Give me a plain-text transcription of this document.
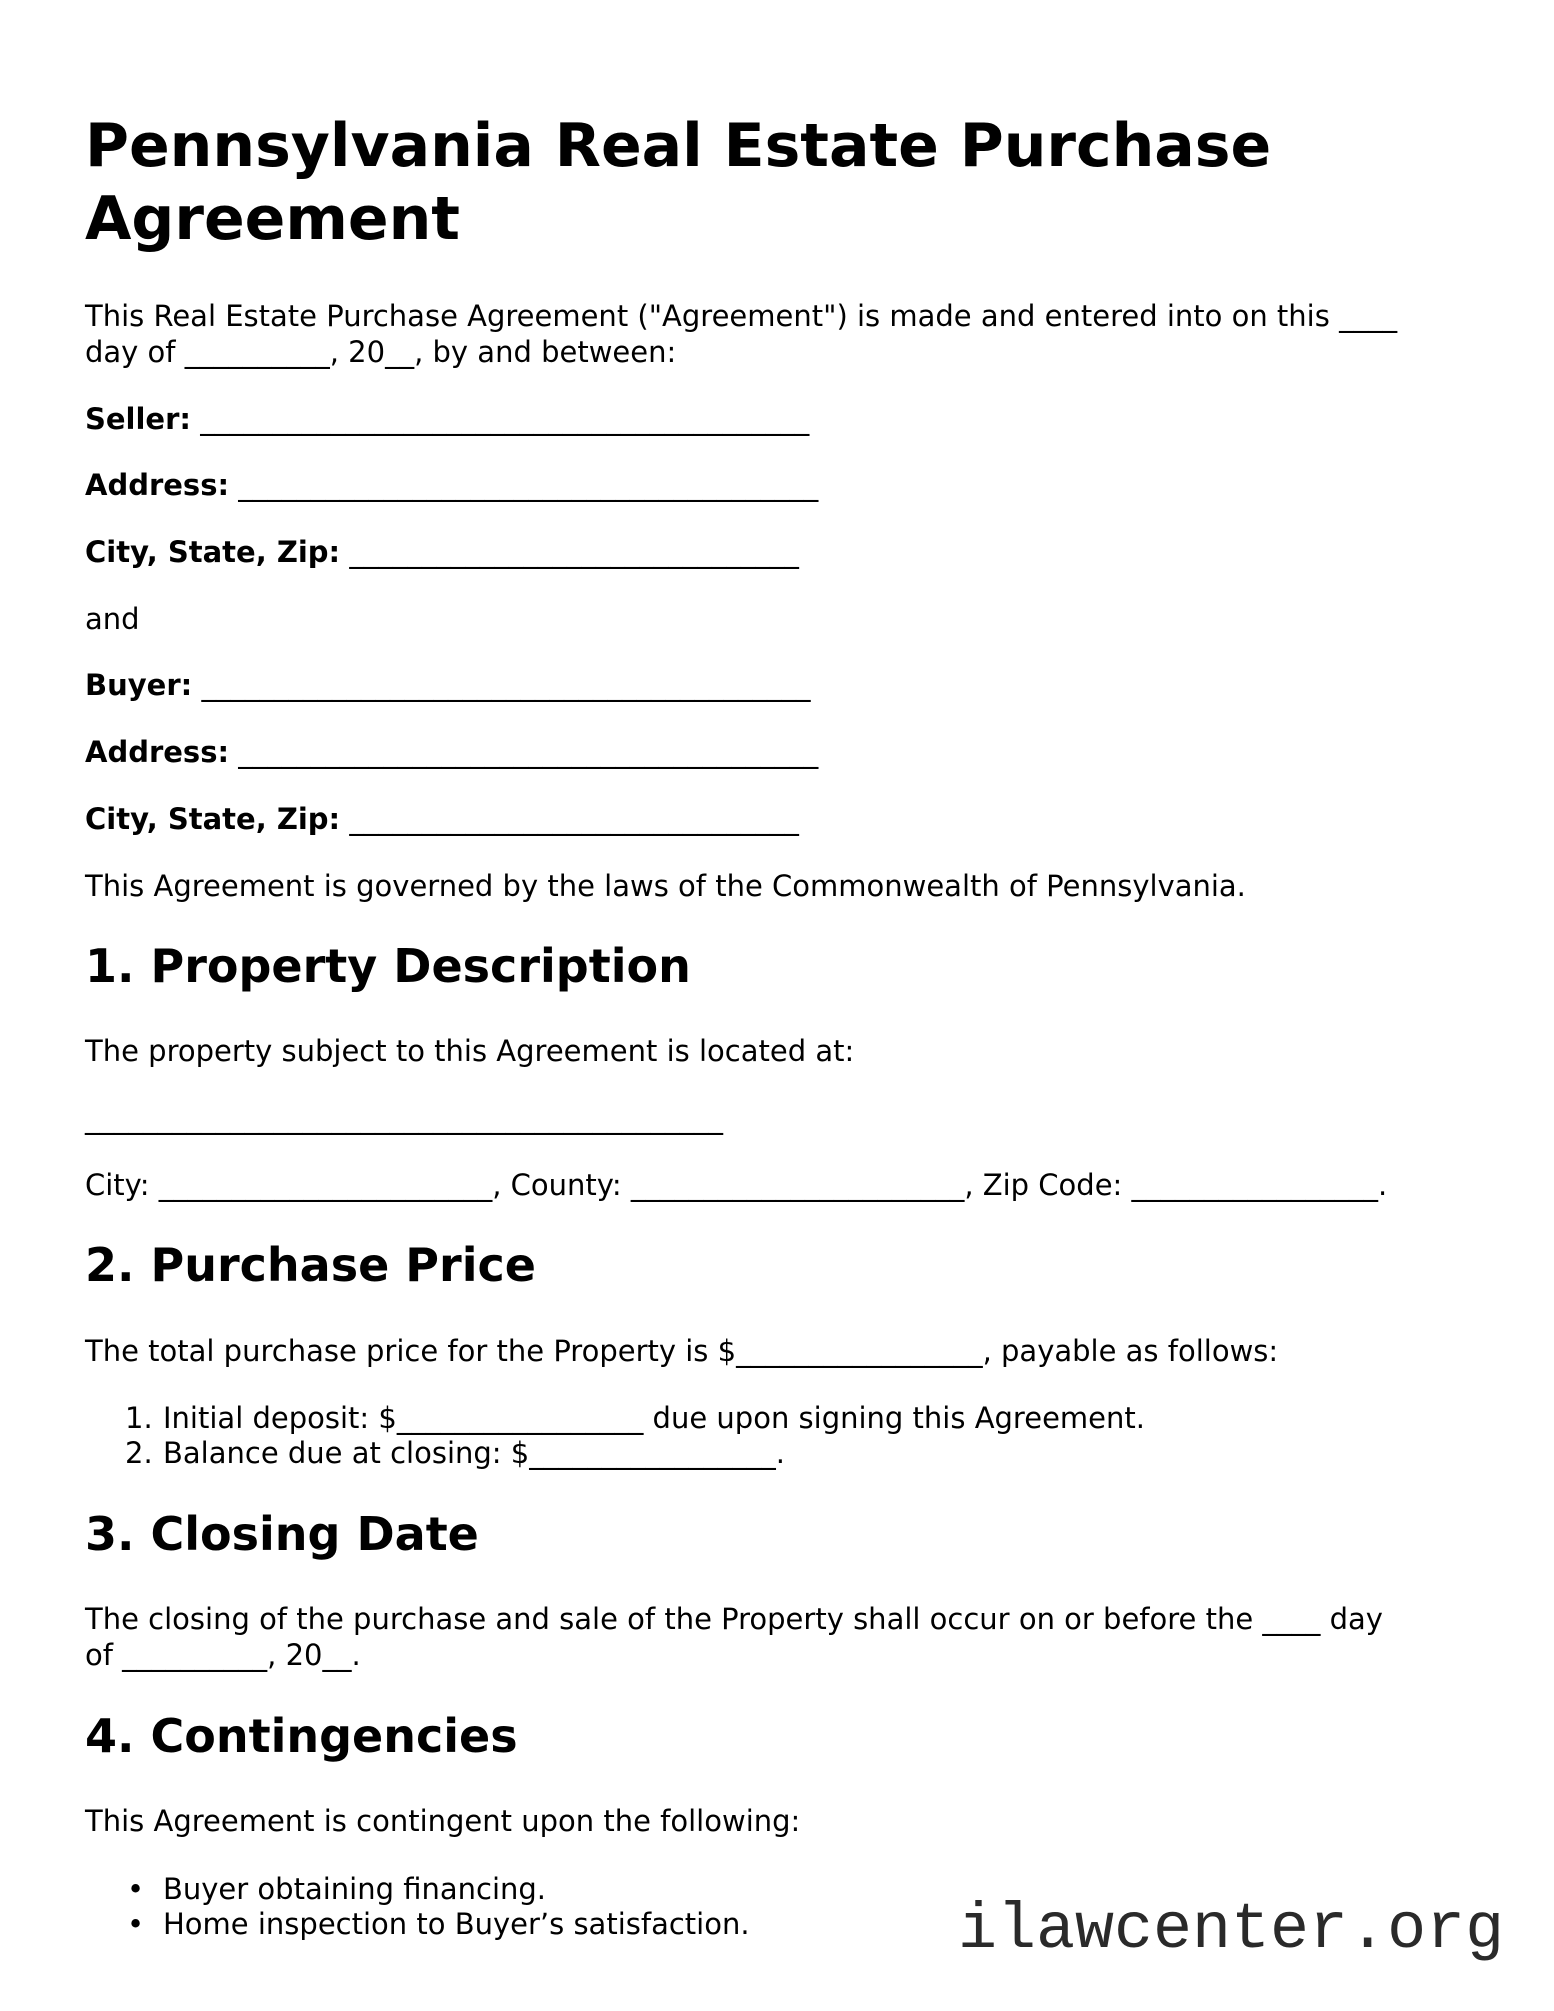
Pennsylvania Real Estate Purchase
Agreement

This Real Estate Purchase Agreement ("Agreement") is made and entered into on this ____
day of __________, 20__, by and between:

Seller: __________________________________________

Address: ________________________________________

City, State, Zip: _______________________________

and

Buyer: __________________________________________

Address: ________________________________________

City, State, Zip: _______________________________

This Agreement is governed by the laws of the Commonwealth of Pennsylvania.

1. Property Description

The property subject to this Agreement is located at:

____________________________________________

City: _______________________, County: _______________________, Zip Code: _________________.

2. Purchase Price

The total purchase price for the Property is $_________________, payable as follows:

1. Initial deposit: $_________________ due upon signing this Agreement.
2. Balance due at closing: $_________________.
3. Closing Date

The closing of the purchase and sale of the Property shall occur on or before the ____ day
of __________, 20__.

4. Contingencies

This Agreement is contingent upon the following:

• Buyer obtaining financing.
• Home inspection to Buyer’s satisfaction.	ilawcenter.org
